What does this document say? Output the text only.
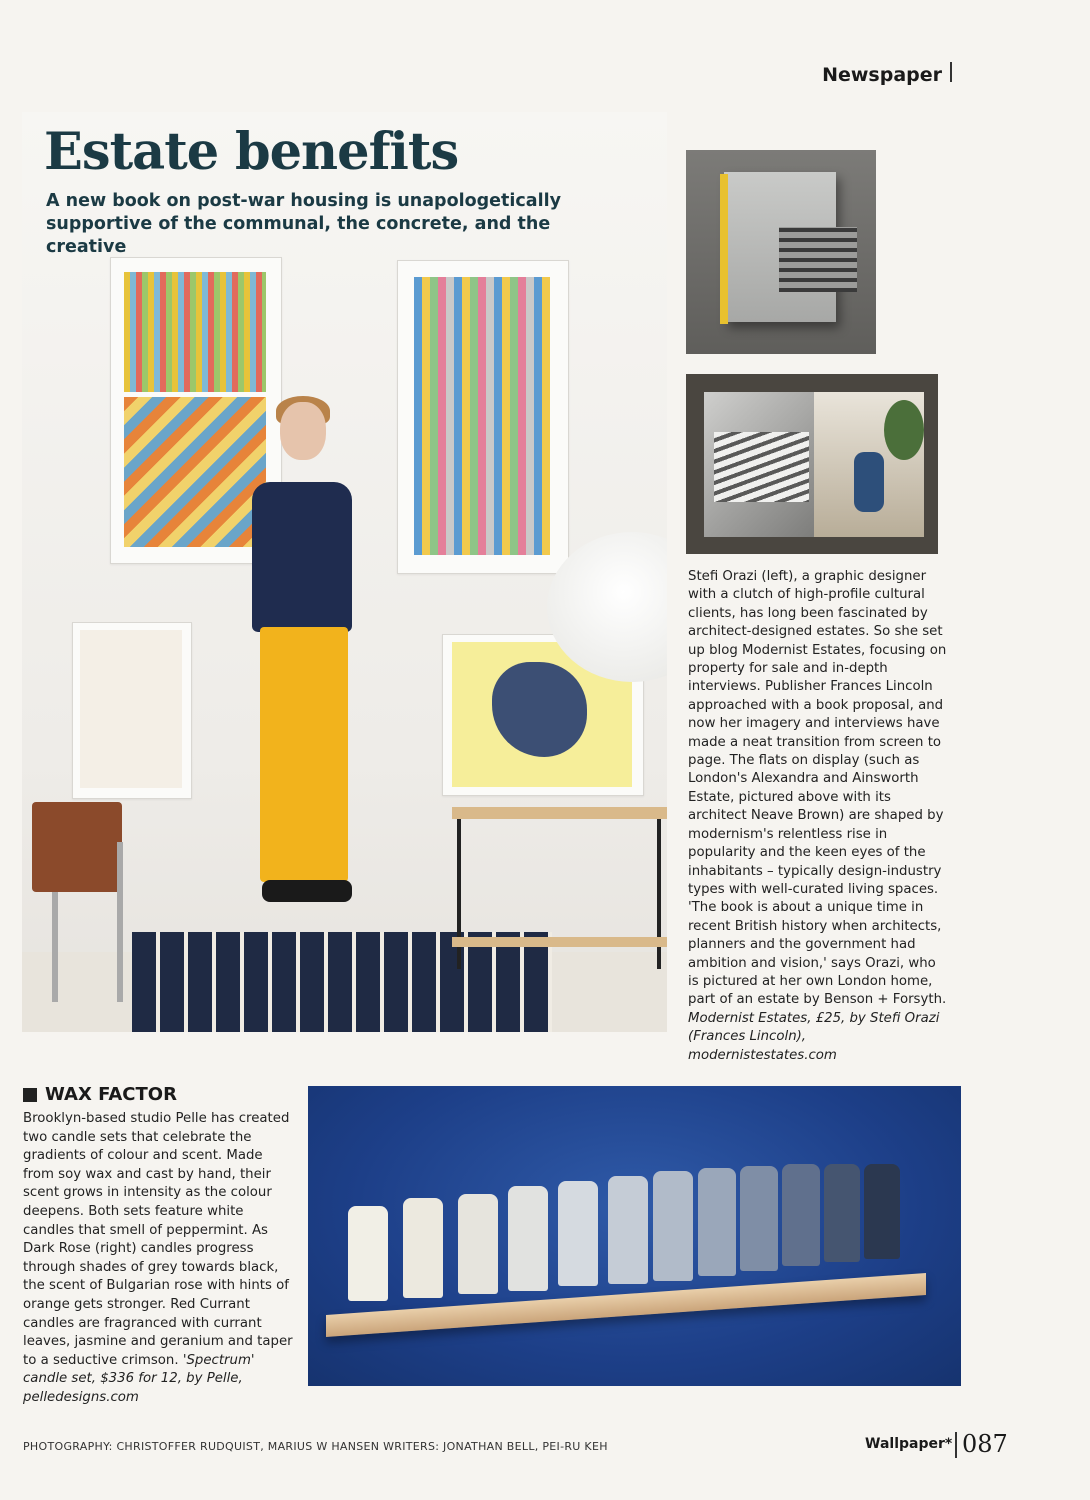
Newspaper
Estate benefits

A new book on post-war housing is unapologetically supportive of the communal, the concrete, and the creative

Stefi Orazi (left), a graphic designer with a clutch of high-profile cultural clients, has long been fascinated by architect-designed estates. So she set up blog Modernist Estates, focusing on property for sale and in-depth interviews. Publisher Frances Lincoln approached with a book proposal, and now her imagery and interviews have made a neat transition from screen to page. The flats on display (such as London's Alexandra and Ainsworth Estate, pictured above with its architect Neave Brown) are shaped by modernism's relentless rise in popularity and the keen eyes of the inhabitants – typically design-industry types with well-curated living spaces. 'The book is about a unique time in recent British history when architects, planners and the government had ambition and vision,' says Orazi, who is pictured at her own London home, part of an estate by Benson + Forsyth. Modernist Estates, £25, by Stefi Orazi (Frances Lincoln), modernistestates.com

WAX FACTOR

Brooklyn-based studio Pelle has created two candle sets that celebrate the gradients of colour and scent. Made from soy wax and cast by hand, their scent grows in intensity as the colour deepens. Both sets feature white candles that smell of peppermint. As Dark Rose (right) candles progress through shades of grey towards black, the scent of Bulgarian rose with hints of orange gets stronger. Red Currant candles are fragranced with currant leaves, jasmine and geranium and taper to a seductive crimson. 'Spectrum' candle set, $336 for 12, by Pelle, pelledesigns.com

PHOTOGRAPHY: CHRISTOFFER RUDQUIST, MARIUS W HANSEN WRITERS: JONATHAN BELL, PEI-RU KEH	Wallpaper* 087
